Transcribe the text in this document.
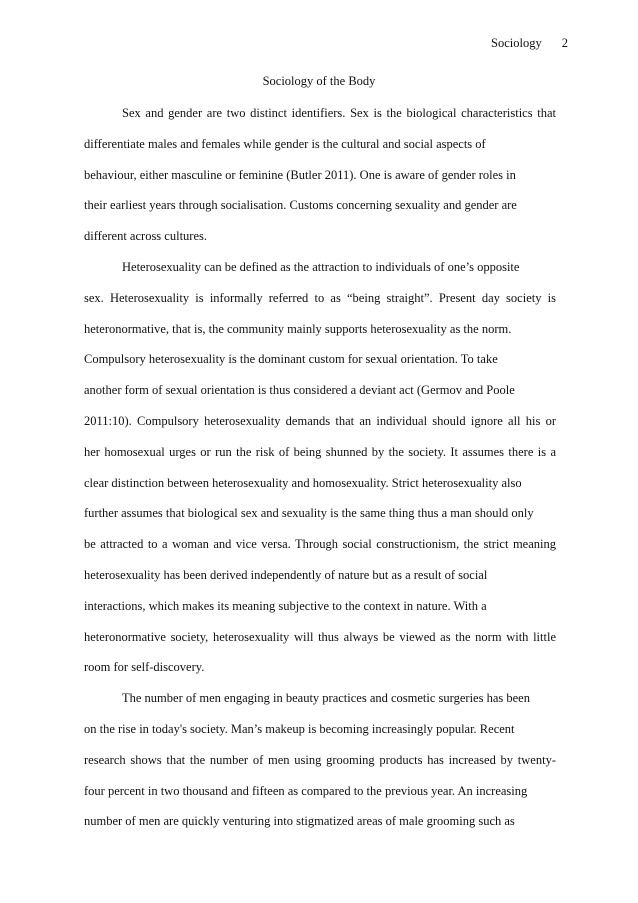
Sociology 2
Sociology of the Body
Sex and gender are two distinct identifiers. Sex is the biological characteristics that
differentiate males and females while gender is the cultural and social aspects of
behaviour, either masculine or feminine (Butler 2011). One is aware of gender roles in
their earliest years through socialisation. Customs concerning sexuality and gender are
different across cultures.
Heterosexuality can be defined as the attraction to individuals of one’s opposite
sex. Heterosexuality is informally referred to as “being straight”. Present day society is
heteronormative, that is, the community mainly supports heterosexuality as the norm.
Compulsory heterosexuality is the dominant custom for sexual orientation. To take
another form of sexual orientation is thus considered a deviant act (Germov and Poole
2011:10). Compulsory heterosexuality demands that an individual should ignore all his or
her homosexual urges or run the risk of being shunned by the society. It assumes there is a
clear distinction between heterosexuality and homosexuality. Strict heterosexuality also
further assumes that biological sex and sexuality is the same thing thus a man should only
be attracted to a woman and vice versa. Through social constructionism, the strict meaning
heterosexuality has been derived independently of nature but as a result of social
interactions, which makes its meaning subjective to the context in nature. With a
heteronormative society, heterosexuality will thus always be viewed as the norm with little
room for self-discovery.
The number of men engaging in beauty practices and cosmetic surgeries has been
on the rise in today's society. Man’s makeup is becoming increasingly popular. Recent
research shows that the number of men using grooming products has increased by twenty-
four percent in two thousand and fifteen as compared to the previous year. An increasing
number of men are quickly venturing into stigmatized areas of male grooming such as
